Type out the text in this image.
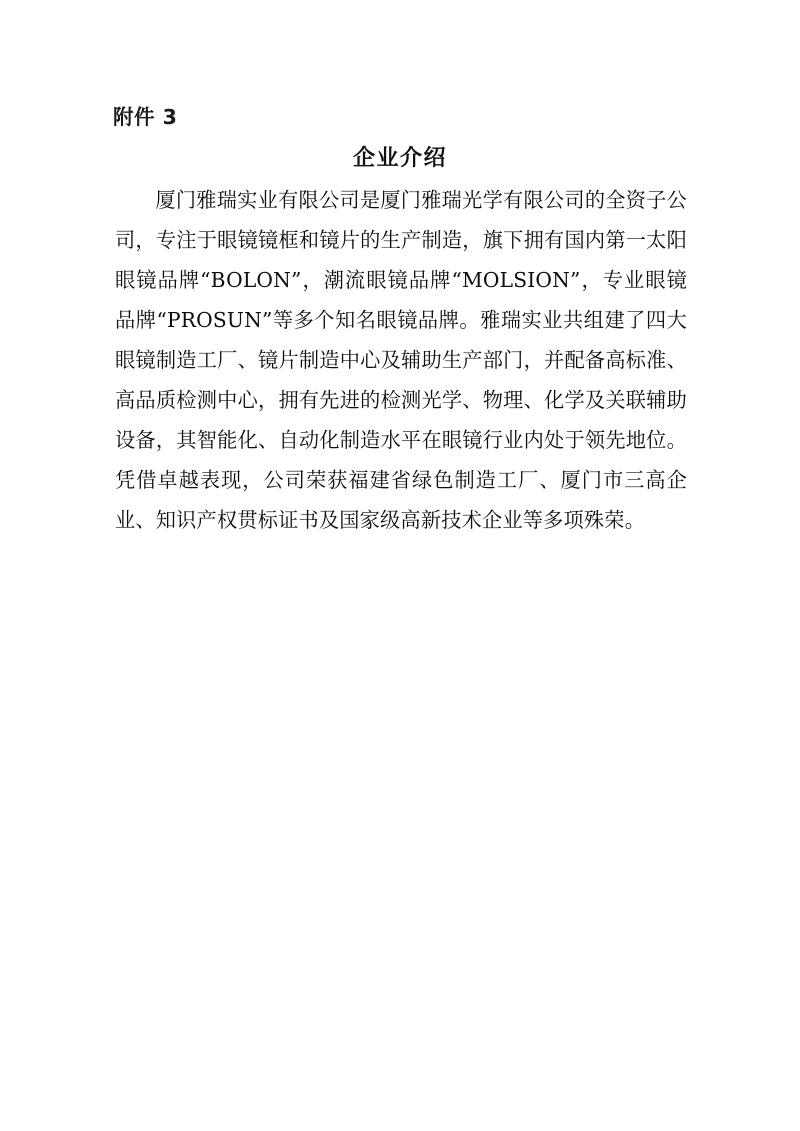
附件 3
企业介绍

厦门雅瑞实业有限公司是厦门雅瑞光学有限公司的全资子公司，专注于眼镜镜框和镜片的生产制造，旗下拥有国内第一太阳眼镜品牌“BOLON”，潮流眼镜品牌“MOLSION”，专业眼镜品牌“PROSUN”等多个知名眼镜品牌。雅瑞实业共组建了四大眼镜制造工厂、镜片制造中心及辅助生产部门，并配备高标准、高品质检测中心，拥有先进的检测光学、物理、化学及关联辅助设备，其智能化、自动化制造水平在眼镜行业内处于领先地位。凭借卓越表现，公司荣获福建省绿色制造工厂、厦门市三高企业、知识产权贯标证书及国家级高新技术企业等多项殊荣。
